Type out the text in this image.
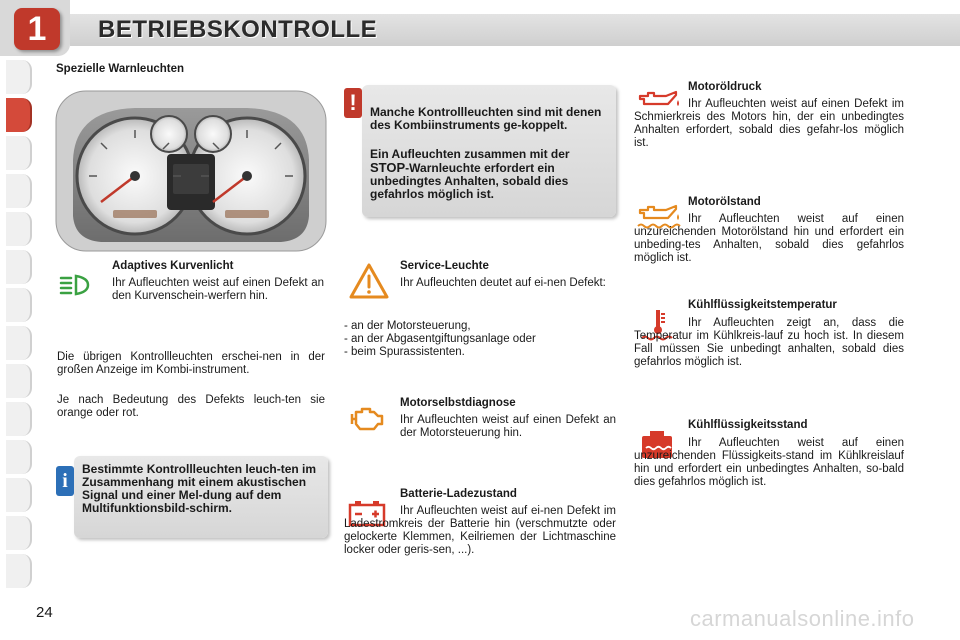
1	BETRIEBSKONTROLLE
Spezielle Warnleuchten
Adaptives Kurvenlicht
Ihr Aufleuchten weist auf einen Defekt an den Kurvenschein-werfern hin.
Die übrigen Kontrollleuchten erschei-nen in der großen Anzeige im Kombi-instrument.
Je nach Bedeutung des Defekts leuch-ten sie orange oder rot.
i
Bestimmte Kontrollleuchten leuch-ten im Zusammenhang mit einem akustischen Signal und einer Mel-dung auf dem Multifunktionsbild-schirm.
!	Manche Kontrollleuchten sind mit denen des Kombiinstruments ge-koppelt.
Ein Aufleuchten zusammen mit der STOP-Warnleuchte erfordert ein unbedingtes Anhalten, sobald dies gefahrlos möglich ist.
Service-Leuchte
Ihr Aufleuchten deutet auf ei-nen Defekt:
- an der Motorsteuerung,
- an der Abgasentgiftungsanlage oder
- beim Spurassistenten.
Motorselbstdiagnose
Ihr Aufleuchten weist auf einen Defekt an der Motorsteuerung hin.
Batterie-Ladezustand
Ihr Aufleuchten weist auf ei-nen Defekt im Ladestromkreis der Batterie hin (verschmutzte oder gelockerte Klemmen, Keilriemen der Lichtmaschine locker oder geris-sen, ...).
Motoröldruck
Ihr Aufleuchten weist auf einen Defekt im Schmierkreis des Motors hin, der ein unbedingtes Anhalten erfordert, sobald dies gefahr-los möglich ist.
Motorölstand
Ihr Aufleuchten weist auf einen unzureichenden Motorölstand hin und erfordert ein unbeding-tes Anhalten, sobald dies gefahrlos möglich ist.
Kühlflüssigkeitstemperatur
Ihr Aufleuchten zeigt an, dass die Temperatur im Kühlkreis-lauf zu hoch ist. In diesem Fall müssen Sie unbedingt anhalten, sobald dies gefahrlos möglich ist.
Kühlflüssigkeitsstand
Ihr Aufleuchten weist auf einen unzureichenden Flüssigkeits-stand im Kühlkreislauf hin und erfordert ein unbedingtes Anhalten, so-bald dies gefahrlos möglich ist.
24	carmanualsonline.info
